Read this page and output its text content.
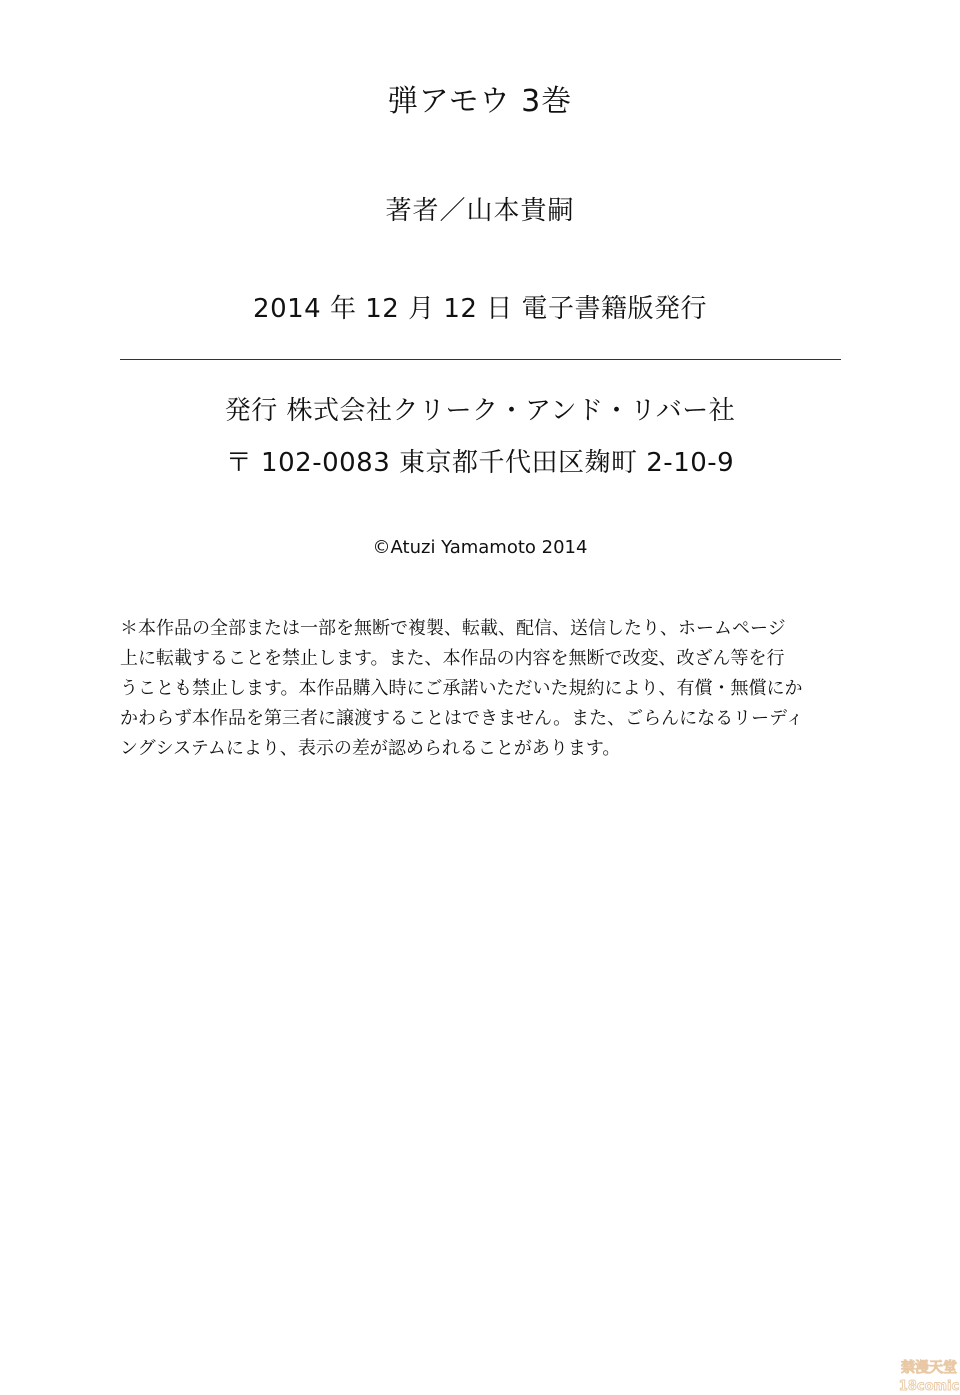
弾アモウ 3巻
著者／山本貴嗣
2014 年 12 月 12 日 電子書籍版発行
発行 株式会社クリーク・アンド・リバー社
〒 102-0083 東京都千代田区麹町 2-10-9
©Atuzi Yamamoto 2014
＊本作品の全部または一部を無断で複製、転載、配信、送信したり、ホームページ
上に転載することを禁止します。また、本作品の内容を無断で改変、改ざん等を行
うことも禁止します。本作品購入時にご承諾いただいた規約により、有償・無償にか
かわらず本作品を第三者に譲渡することはできません。また、ごらんになるリーディ
ングシステムにより、表示の差が認められることがあります。
禁漫天堂
18comic
